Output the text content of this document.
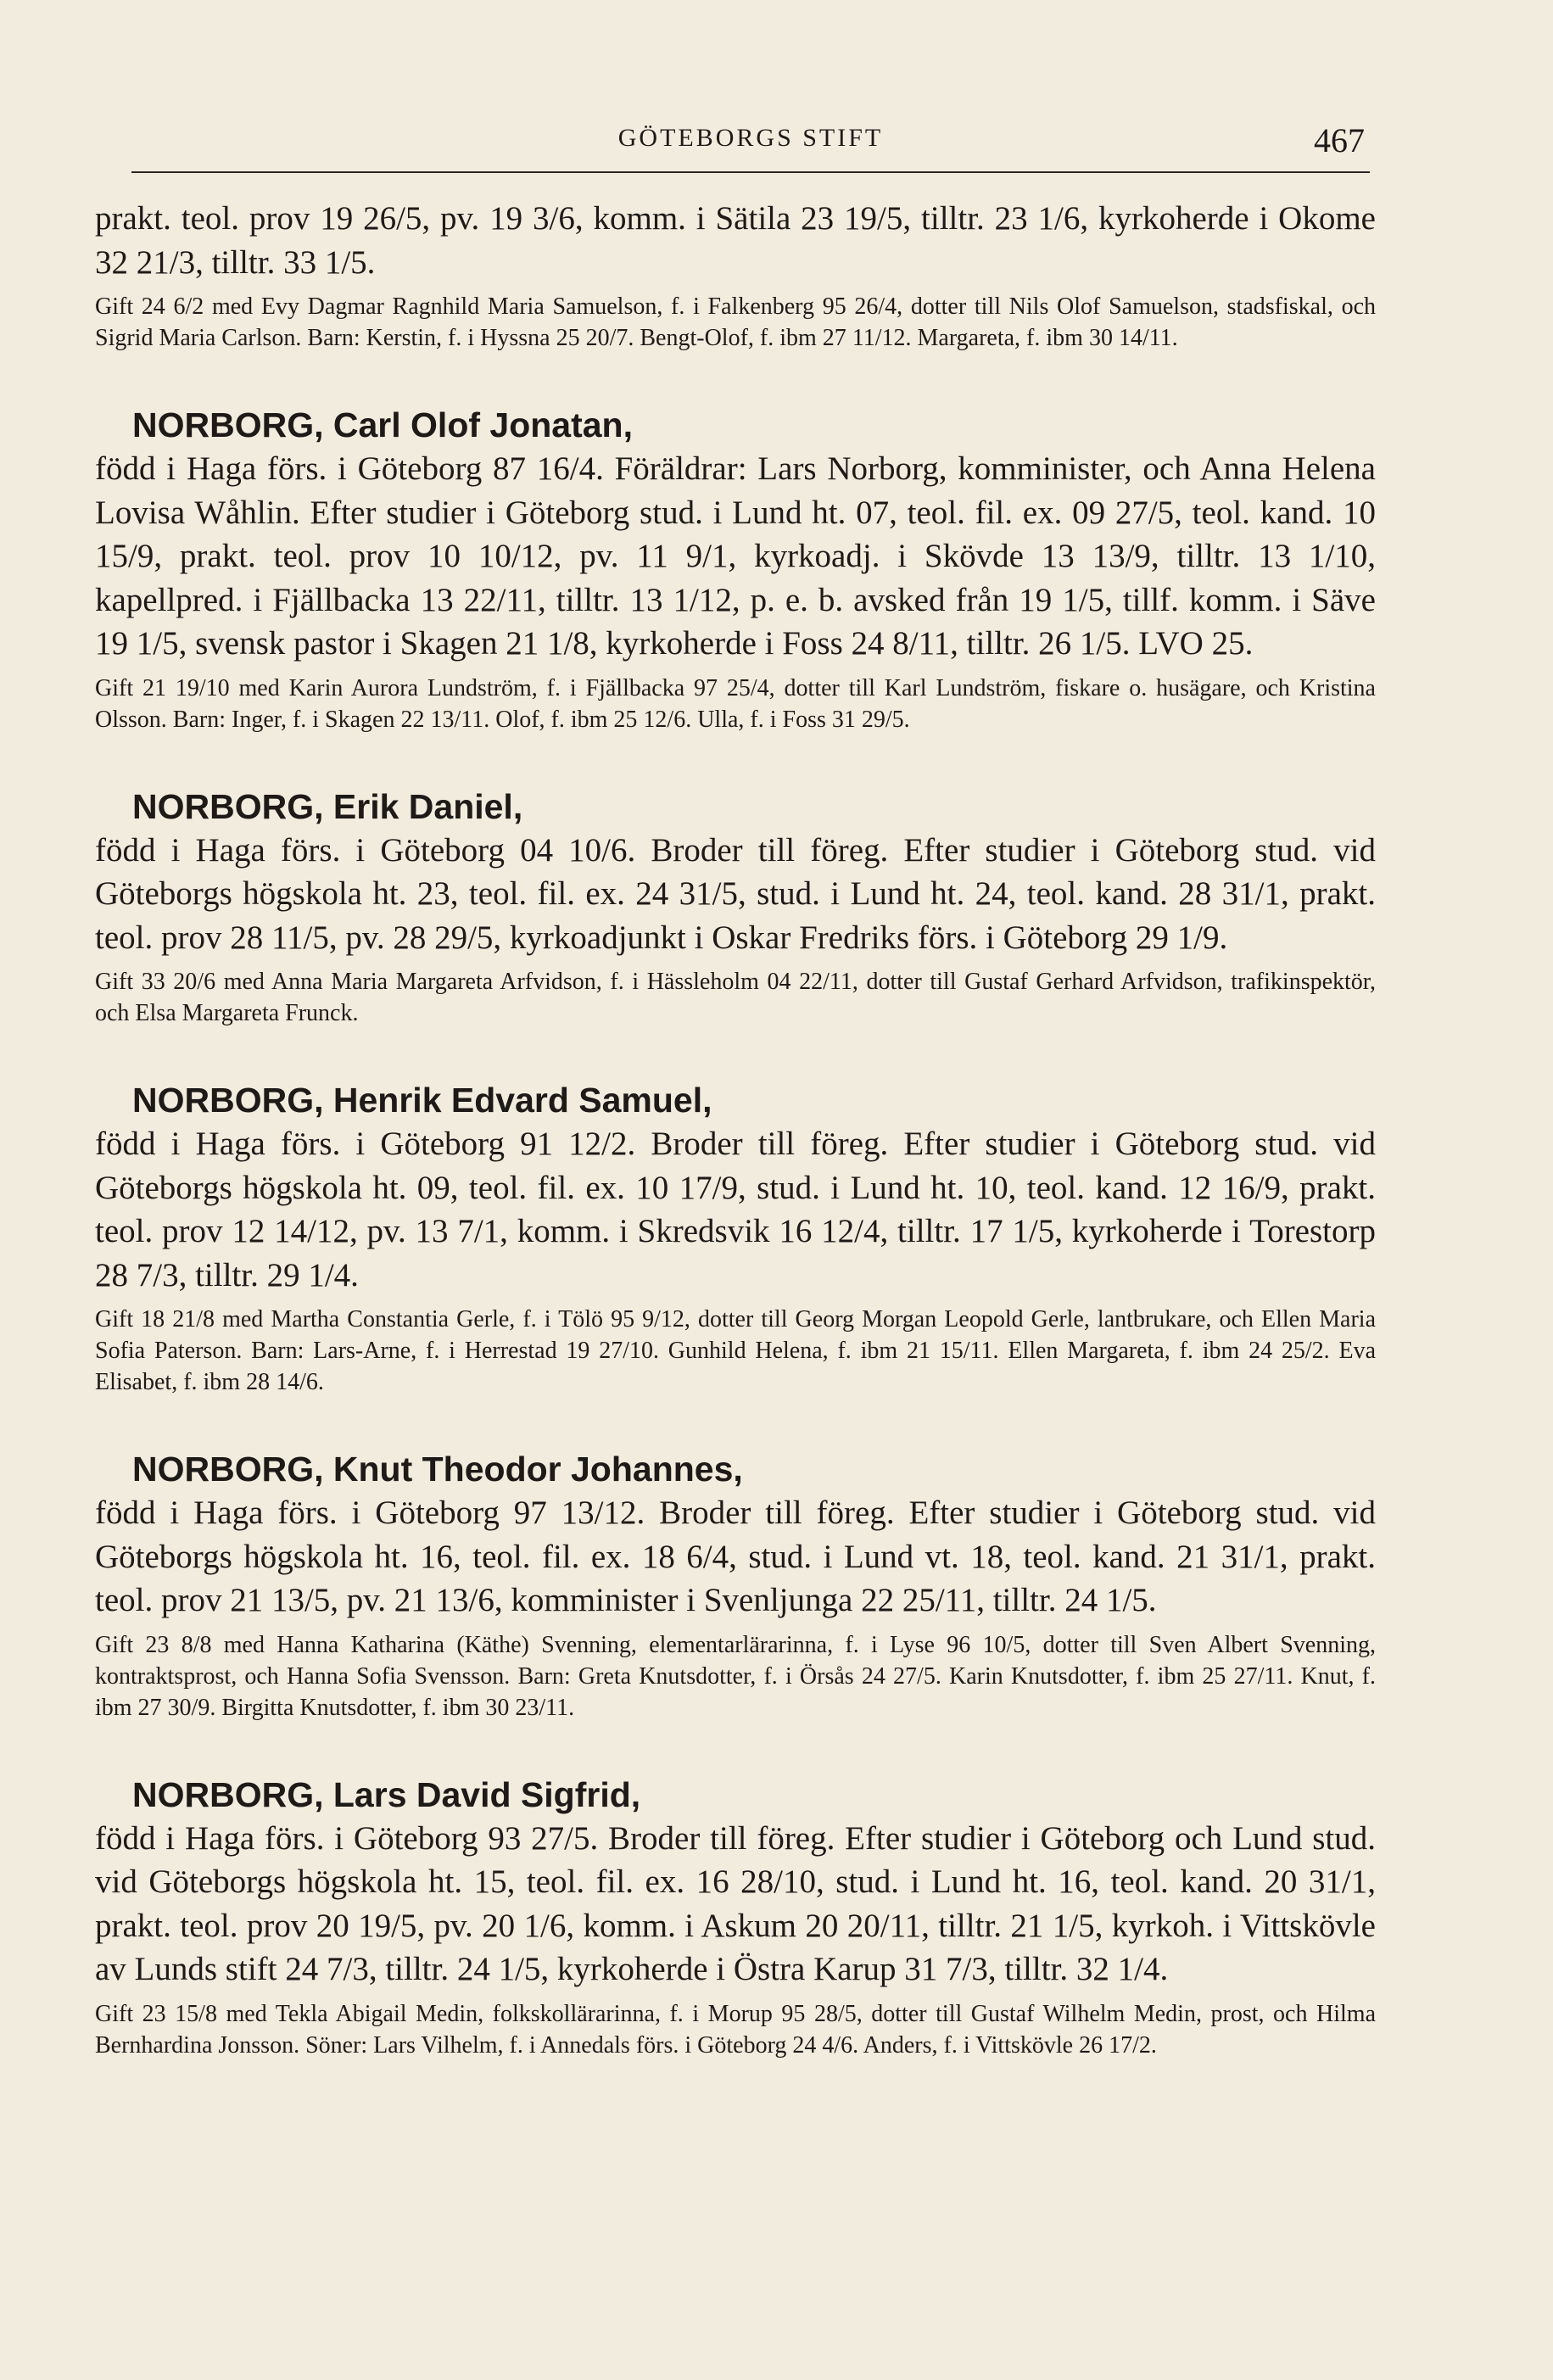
GÖTEBORGS STIFT	467

prakt. teol. prov 19 26/5, pv. 19 3/6, komm. i Sätila 23 19/5, tilltr. 23 1/6, kyrkoherde i Okome 32 21/3, tilltr. 33 1/5.

Gift 24 6/2 med Evy Dagmar Ragnhild Maria Samuelson, f. i Falkenberg 95 26/4, dotter till Nils Olof Samuelson, stadsfiskal, och Sigrid Maria Carlson. Barn: Kerstin, f. i Hyssna 25 20/7. Bengt-Olof, f. ibm 27 11/12. Margareta, f. ibm 30 14/11.

NORBORG, Carl Olof Jonatan,

född i Haga förs. i Göteborg 87 16/4. Föräldrar: Lars Norborg, komminister, och Anna Helena Lovisa Wåhlin. Efter studier i Göteborg stud. i Lund ht. 07, teol. fil. ex. 09 27/5, teol. kand. 10 15/9, prakt. teol. prov 10 10/12, pv. 11 9/1, kyrkoadj. i Skövde 13 13/9, tilltr. 13 1/10, kapellpred. i Fjällbacka 13 22/11, tilltr. 13 1/12, p. e. b. avsked från 19 1/5, tillf. komm. i Säve 19 1/5, svensk pastor i Skagen 21 1/8, kyrkoherde i Foss 24 8/11, tilltr. 26 1/5. LVO 25.

Gift 21 19/10 med Karin Aurora Lundström, f. i Fjällbacka 97 25/4, dotter till Karl Lundström, fiskare o. husägare, och Kristina Olsson. Barn: Inger, f. i Skagen 22 13/11. Olof, f. ibm 25 12/6. Ulla, f. i Foss 31 29/5.

NORBORG, Erik Daniel,

född i Haga förs. i Göteborg 04 10/6. Broder till föreg. Efter studier i Göteborg stud. vid Göteborgs högskola ht. 23, teol. fil. ex. 24 31/5, stud. i Lund ht. 24, teol. kand. 28 31/1, prakt. teol. prov 28 11/5, pv. 28 29/5, kyrkoadjunkt i Oskar Fredriks förs. i Göteborg 29 1/9.

Gift 33 20/6 med Anna Maria Margareta Arfvidson, f. i Hässleholm 04 22/11, dotter till Gustaf Gerhard Arfvidson, trafikinspektör, och Elsa Margareta Frunck.

NORBORG, Henrik Edvard Samuel,

född i Haga förs. i Göteborg 91 12/2. Broder till föreg. Efter studier i Göteborg stud. vid Göteborgs högskola ht. 09, teol. fil. ex. 10 17/9, stud. i Lund ht. 10, teol. kand. 12 16/9, prakt. teol. prov 12 14/12, pv. 13 7/1, komm. i Skredsvik 16 12/4, tilltr. 17 1/5, kyrkoherde i Torestorp 28 7/3, tilltr. 29 1/4.

Gift 18 21/8 med Martha Constantia Gerle, f. i Tölö 95 9/12, dotter till Georg Morgan Leopold Gerle, lantbrukare, och Ellen Maria Sofia Paterson. Barn: Lars-Arne, f. i Herrestad 19 27/10. Gunhild Helena, f. ibm 21 15/11. Ellen Margareta, f. ibm 24 25/2. Eva Elisabet, f. ibm 28 14/6.

NORBORG, Knut Theodor Johannes,

född i Haga förs. i Göteborg 97 13/12. Broder till föreg. Efter studier i Göteborg stud. vid Göteborgs högskola ht. 16, teol. fil. ex. 18 6/4, stud. i Lund vt. 18, teol. kand. 21 31/1, prakt. teol. prov 21 13/5, pv. 21 13/6, komminister i Svenljunga 22 25/11, tilltr. 24 1/5.

Gift 23 8/8 med Hanna Katharina (Käthe) Svenning, elementarlärarinna, f. i Lyse 96 10/5, dotter till Sven Albert Svenning, kontraktsprost, och Hanna Sofia Svensson. Barn: Greta Knutsdotter, f. i Örsås 24 27/5. Karin Knutsdotter, f. ibm 25 27/11. Knut, f. ibm 27 30/9. Birgitta Knutsdotter, f. ibm 30 23/11.

NORBORG, Lars David Sigfrid,

född i Haga förs. i Göteborg 93 27/5. Broder till föreg. Efter studier i Göteborg och Lund stud. vid Göteborgs högskola ht. 15, teol. fil. ex. 16 28/10, stud. i Lund ht. 16, teol. kand. 20 31/1, prakt. teol. prov 20 19/5, pv. 20 1/6, komm. i Askum 20 20/11, tilltr. 21 1/5, kyrkoh. i Vittskövle av Lunds stift 24 7/3, tilltr. 24 1/5, kyrkoherde i Östra Karup 31 7/3, tilltr. 32 1/4.

Gift 23 15/8 med Tekla Abigail Medin, folkskollärarinna, f. i Morup 95 28/5, dotter till Gustaf Wilhelm Medin, prost, och Hilma Bernhardina Jonsson. Söner: Lars Vilhelm, f. i Annedals förs. i Göteborg 24 4/6. Anders, f. i Vittskövle 26 17/2.
